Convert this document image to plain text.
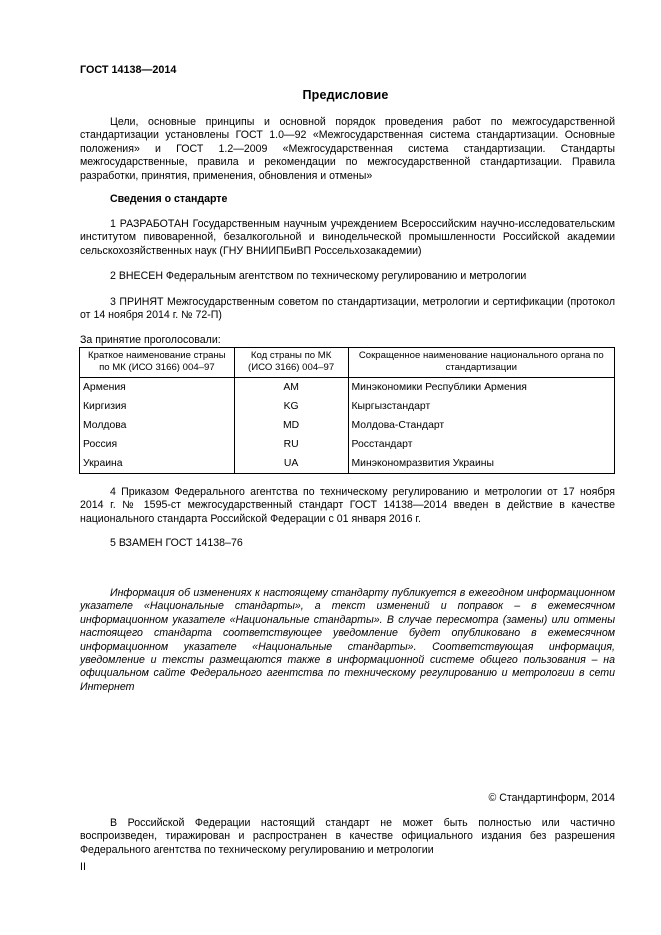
ГОСТ 14138—2014
Предисловие

Цели, основные принципы и основной порядок проведения работ по межгосударственной стандартизации установлены ГОСТ 1.0—92 «Межгосударственная система стандартизации. Основные положения» и ГОСТ 1.2—2009 «Межгосударственная система стандартизации. Стандарты межгосударственные, правила и рекомендации по межгосударственной стандартизации. Правила разработки, принятия, применения, обновления и отмены»

Сведения о стандарте

1 РАЗРАБОТАН Государственным научным учреждением Всероссийским научно-исследовательским институтом пивоваренной, безалкогольной и винодельческой промышленности Российской академии сельскохозяйственных наук (ГНУ ВНИИПБиВП Россельхозакадемии)

2 ВНЕСЕН Федеральным агентством по техническому регулированию и метрологии

3 ПРИНЯТ Межгосударственным советом по стандартизации, метрологии и сертификации (протокол от 14 ноября 2014 г. № 72-П)

За принятие проголосовали:
Краткое наименование страны по МК (ИСО 3166) 004–97	Код страны по МК (ИСО 3166) 004–97	Сокращенное наименование национального органа по стандартизации
Армения	AM	Минэкономики Республики Армения
Киргизия	KG	Кыргызстандарт
Молдова	MD	Молдова-Стандарт
Россия	RU	Росстандарт
Украина	UA	Минэкономразвития Украины

4 Приказом Федерального агентства по техническому регулированию и метрологии от 17 ноября 2014 г. № 1595-ст межгосударственный стандарт ГОСТ 14138—2014 введен в действие в качестве национального стандарта Российской Федерации с 01 января 2016 г.

5 ВЗАМЕН ГОСТ 14138–76

Информация об изменениях к настоящему стандарту публикуется в ежегодном информационном указателе «Национальные стандарты», а текст изменений и поправок – в ежемесячном информационном указателе «Национальные стандарты». В случае пересмотра (замены) или отмены настоящего стандарта соответствующее уведомление будет опубликовано в ежемесячном информационном указателе «Национальные стандарты». Соответствующая информация, уведомление и тексты размещаются также в информационной системе общего пользования – на официальном сайте Федерального агентства по техническому регулированию и метрологии в сети Интернет

© Стандартинформ, 2014

В Российской Федерации настоящий стандарт не может быть полностью или частично воспроизведен, тиражирован и распространен в качестве официального издания без разрешения Федерального агентства по техническому регулированию и метрологии

II
